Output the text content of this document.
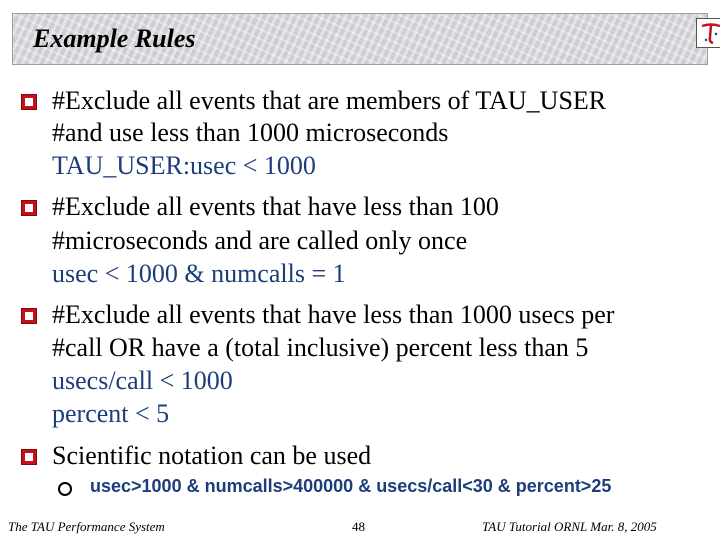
Example Rules
#Exclude all events that are members of TAU_USER
#and use less than 1000 microseconds
TAU_USER:usec < 1000
#Exclude all events that have less than 100
#microseconds and are called only once
usec < 1000 & numcalls = 1
#Exclude all events that have less than 1000 usecs per
#call OR have a (total inclusive) percent less than 5
usecs/call < 1000
percent < 5
Scientific notation can be used
usec>1000 & numcalls>400000 & usecs/call<30 & percent>25
The TAU Performance System	48	TAU Tutorial ORNL Mar. 8, 2005
